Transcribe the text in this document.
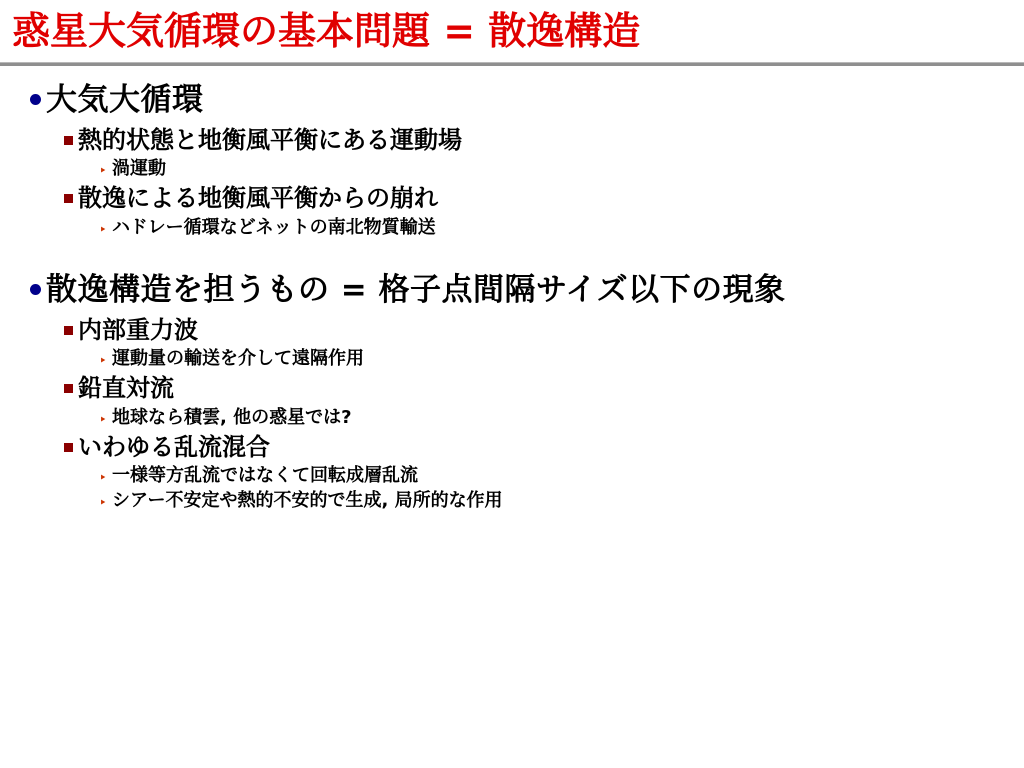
惑星大気循環の基本問題 = 散逸構造
大気大循環
熱的状態と地衡風平衡にある運動場
‣ 渦運動
散逸による地衡風平衡からの崩れ
‣ ハドレー循環などネットの南北物質輸送
散逸構造を担うもの = 格子点間隔サイズ以下の現象
内部重力波
‣ 運動量の輸送を介して遠隔作用
鉛直対流
‣ 地球なら積雲, 他の惑星では?
いわゆる乱流混合
‣ 一様等方乱流ではなくて回転成層乱流
‣ シアー不安定や熱的不安的で生成, 局所的な作用
